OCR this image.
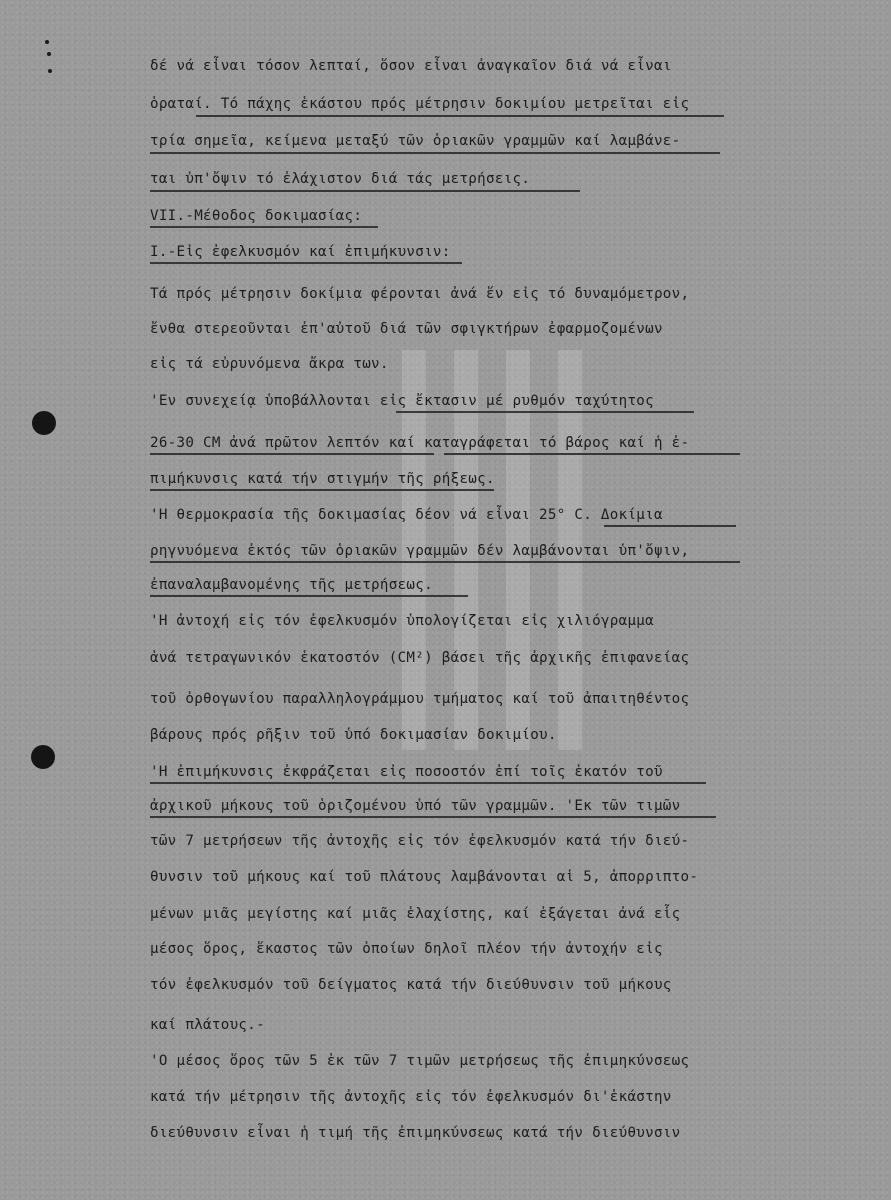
δέ νά εἶναι τόσον λεπταί, ὅσον εἶναι ἀναγκαῖον διά νά εἶναι
ὁραταί. Τό πάχης ἑκάστου πρός μέτρησιν δοκιμίου μετρεῖται εἰς
τρία σημεῖα, κείμενα μεταξύ τῶν ὁριακῶν γραμμῶν καί λαμβάνε-
ται ὑπ'ὄψιν τό ἐλάχιστον διά τάς μετρήσεις.
VII.-Μέθοδος δοκιμασίας:
I.-Εἰς ἐφελκυσμόν καί ἐπιμήκυνσιν:
Τά πρός μέτρησιν δοκίμια φέρονται ἀνά ἕν εἰς τό δυναμόμετρον,
ἔνθα στερεοῦνται ἐπ'αὐτοῦ διά τῶν σφιγκτήρων ἐφαρμοζομένων
εἰς τά εὐρυνόμενα ἄκρα των.
'Εν συνεχείᾳ ὑποβάλλονται εἰς ἔκτασιν μέ ρυθμόν ταχύτητος
26-30 CM ἀνά πρῶτον λεπτόν καί καταγράφεται τό βάρος καί ἡ ἐ-
πιμήκυνσις κατά τήν στιγμήν τῆς ρήξεως.
'Η θερμοκρασία τῆς δοκιμασίας δέον νά εἶναι 25° C. Δοκίμια
ρηγνυόμενα ἐκτός τῶν ὁριακῶν γραμμῶν δέν λαμβάνονται ὑπ'ὄψιν,
ἐπαναλαμβανομένης τῆς μετρήσεως.
'Η ἀντοχή εἰς τόν ἐφελκυσμόν ὑπολογίζεται εἰς χιλιόγραμμα
ἀνά τετραγωνικόν ἑκατοστόν (CM²) βάσει τῆς ἀρχικῆς ἐπιφανείας
τοῦ ὀρθογωνίου παραλληλογράμμου τμήματος καί τοῦ ἀπαιτηθέντος
βάρους πρός ρῆξιν τοῦ ὑπό δοκιμασίαν δοκιμίου.
'Η ἐπιμήκυνσις ἐκφράζεται εἰς ποσοστόν ἐπί τοῖς ἑκατόν τοῦ
ἀρχικοῦ μήκους τοῦ ὁριζομένου ὑπό τῶν γραμμῶν. 'Εκ τῶν τιμῶν
τῶν 7 μετρήσεων τῆς ἀντοχῆς εἰς τόν ἐφελκυσμόν κατά τήν διεύ-
θυνσιν τοῦ μήκους καί τοῦ πλάτους λαμβάνονται αἱ 5, ἀπορριπτο-
μένων μιᾶς μεγίστης καί μιᾶς ἐλαχίστης, καί ἐξάγεται ἀνά εἷς
μέσος ὅρος, ἕκαστος τῶν ὁποίων δηλοῖ πλέον τήν ἀντοχήν εἰς
τόν ἐφελκυσμόν τοῦ δείγματος κατά τήν διεύθυνσιν τοῦ μήκους
καί πλάτους.-
'Ο μέσος ὅρος τῶν 5 ἐκ τῶν 7 τιμῶν μετρήσεως τῆς ἐπιμηκύνσεως
κατά τήν μέτρησιν τῆς ἀντοχῆς εἰς τόν ἐφελκυσμόν δι'ἑκάστην
διεύθυνσιν εἶναι ἡ τιμή τῆς ἐπιμηκύνσεως κατά τήν διεύθυνσιν
